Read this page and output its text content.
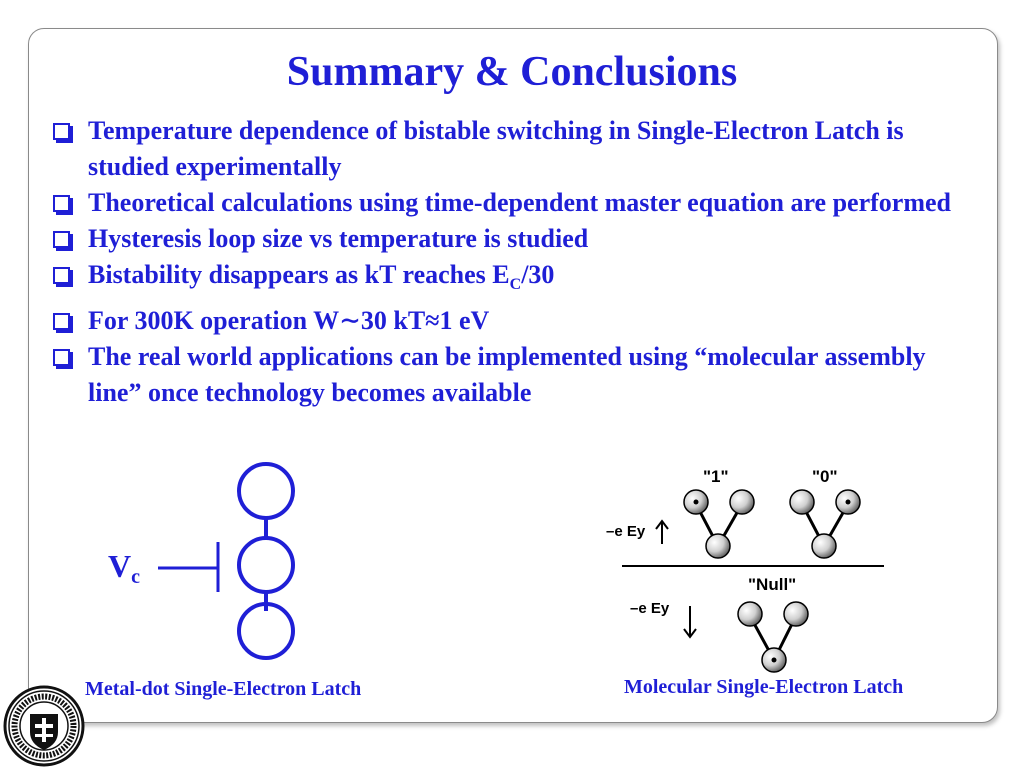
Summary & Conclusions
Temperature dependence of bistable switching in Single-Electron Latch is studied experimentally
Theoretical calculations using time-dependent master equation are performed
Hysteresis loop size vs temperature is studied
Bistability disappears as kT reaches $E_C/30$
For 300K operation W∼30 kT≈1 eV
The real world applications can be implemented using “molecular assembly line” once technology becomes available
Vc
Metal-dot Single-Electron Latch
"1"	"0"
–e Ey
"Null"
–e Ey
Molecular Single-Electron Latch
